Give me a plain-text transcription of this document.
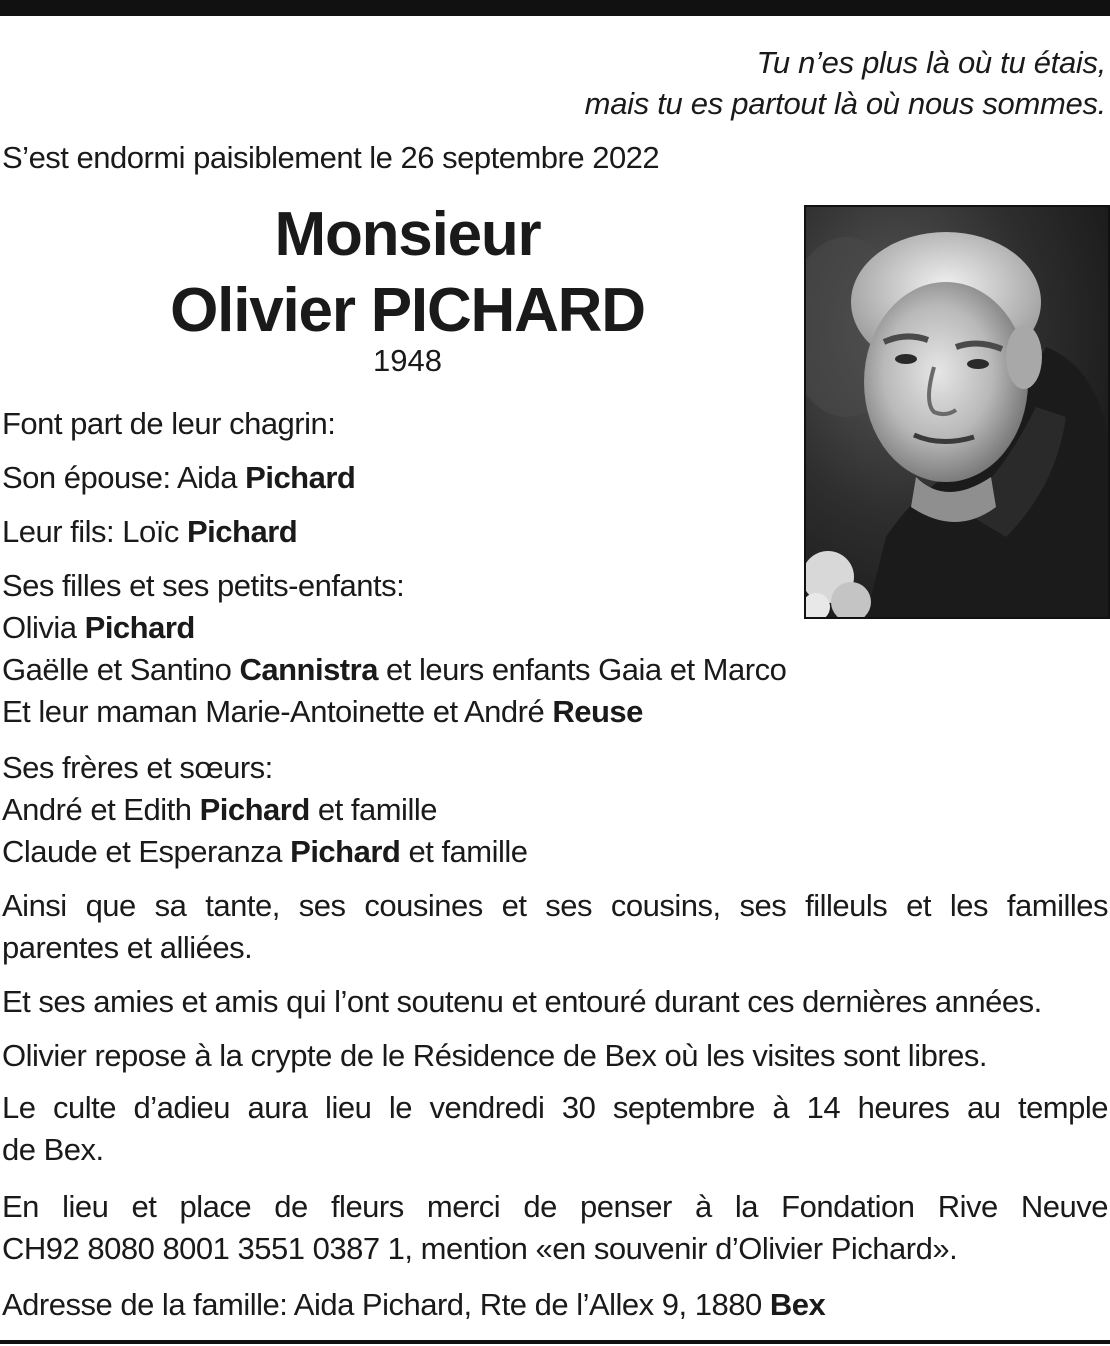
Tu n’es plus là où tu étais,
mais tu es partout là où nous sommes.
S’est endormi paisiblement le 26 septembre 2022
Monsieur
Olivier PICHARD
1948
Font part de leur chagrin:
Son épouse: Aida Pichard
Leur fils: Loïc Pichard
Ses filles et ses petits-enfants:
Olivia Pichard
Gaëlle et Santino Cannistra et leurs enfants Gaia et Marco
Et leur maman Marie-Antoinette et André Reuse
Ses frères et sœurs:
André et Edith Pichard et famille
Claude et Esperanza Pichard et famille
Ainsi que sa tante, ses cousines et ses cousins, ses filleuls et les familles
parentes et alliées.
Et ses amies et amis qui l’ont soutenu et entouré durant ces dernières années.
Olivier repose à la crypte de le Résidence de Bex où les visites sont libres.
Le culte d’adieu aura lieu le vendredi 30 septembre à 14 heures au temple
de Bex.
En lieu et place de fleurs merci de penser à la Fondation Rive Neuve
CH92 8080 8001 3551 0387 1, mention «en souvenir d’Olivier Pichard».
Adresse de la famille: Aida Pichard, Rte de l’Allex 9, 1880 Bex
